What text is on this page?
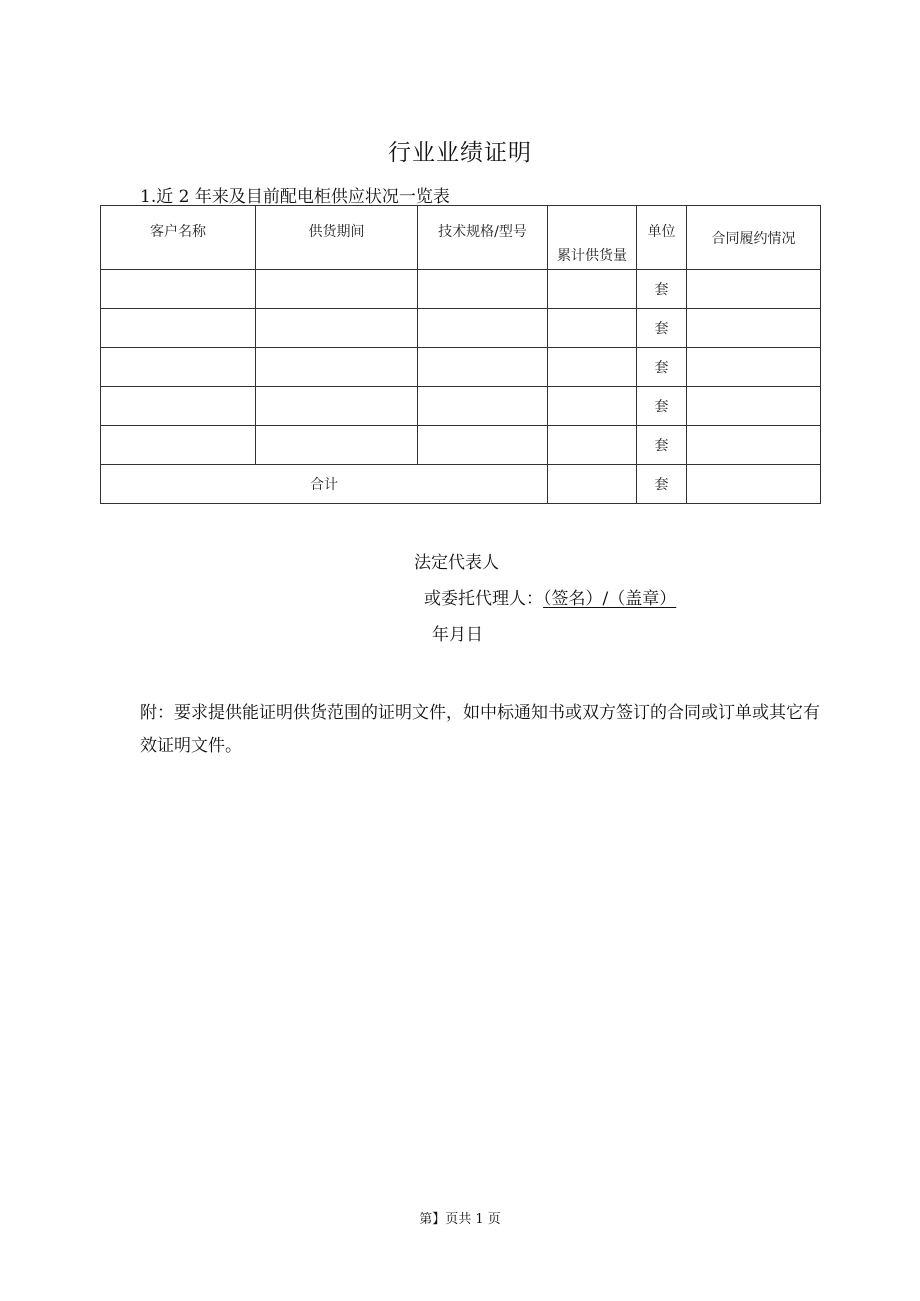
行业业绩证明
1.近 2 年来及目前配电柜供应状况一览表
客户名称	供货期间	技术规格/型号	累计供货量	单位	合同履约情况
				套	
				套	
				套	
				套	
				套	
合计				套	
法定代表人
或委托代理人：（签名）/（盖章）
年月日
附：要求提供能证明供货范围的证明文件，如中标通知书或双方签订的合同或订单或其它有效证明文件。
第】页共 1 页
